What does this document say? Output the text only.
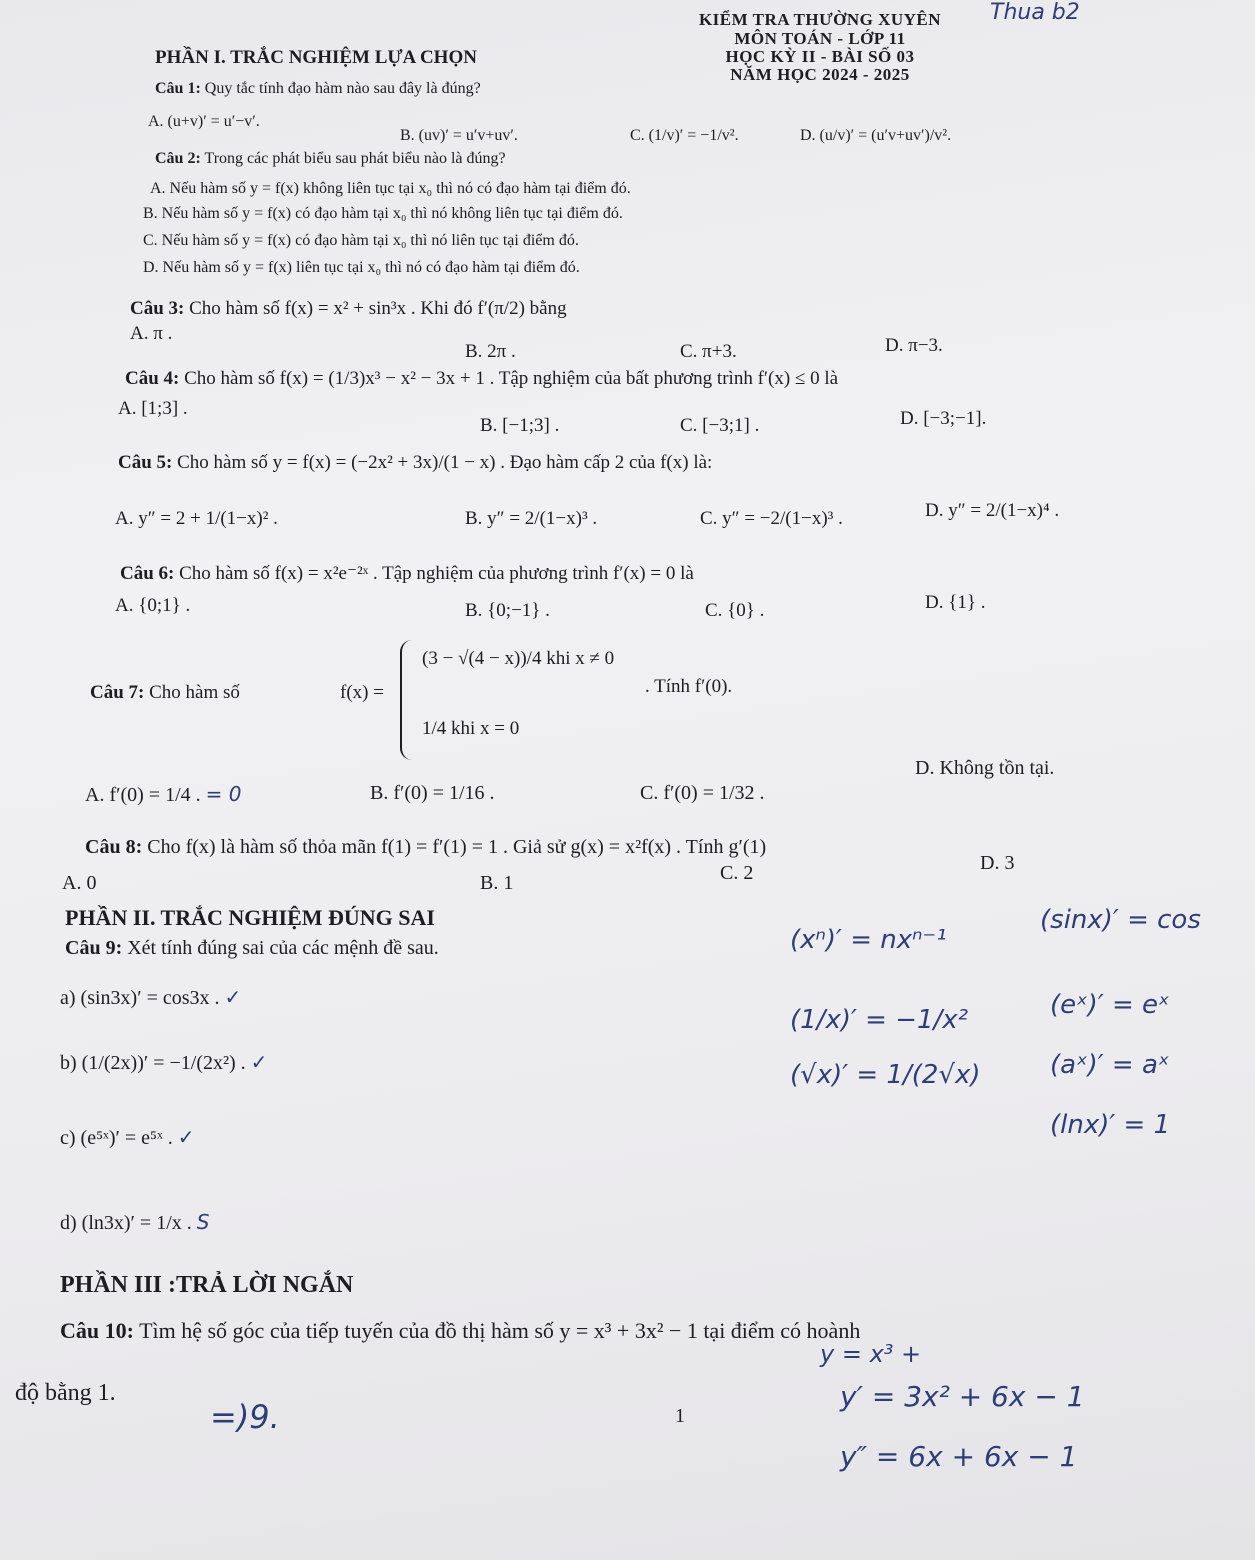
Thua b2
KIỂM TRA THƯỜNG XUYÊN
MÔN TOÁN - LỚP 11
HỌC KỲ II - BÀI SỐ 03
NĂM HỌC 2024 - 2025
PHẦN I. TRẮC NGHIỆM LỰA CHỌN
Câu 1: Quy tắc tính đạo hàm nào sau đây là đúng?
A. (u+v)′ = u′−v′.
B. (uv)′ = u′v+uv′.	C. (1/v)′ = −1/v².	D. (u/v)′ = (u′v+uv′)/v².
Câu 2: Trong các phát biểu sau phát biểu nào là đúng?
A. Nếu hàm số y = f(x) không liên tục tại x₀ thì nó có đạo hàm tại điểm đó.
B. Nếu hàm số y = f(x) có đạo hàm tại x₀ thì nó không liên tục tại điểm đó.
C. Nếu hàm số y = f(x) có đạo hàm tại x₀ thì nó liên tục tại điểm đó.
D. Nếu hàm số y = f(x) liên tục tại x₀ thì nó có đạo hàm tại điểm đó.
Câu 3: Cho hàm số f(x) = x² + sin³x . Khi đó f′(π/2) bằng
A. π .
B. 2π .	C. π+3.	D. π−3.
Câu 4: Cho hàm số f(x) = (1/3)x³ − x² − 3x + 1 . Tập nghiệm của bất phương trình f′(x) ≤ 0 là
A. [1;3] .
B. [−1;3] .	C. [−3;1] .	D. [−3;−1].
Câu 5: Cho hàm số y = f(x) = (−2x² + 3x)/(1 − x) . Đạo hàm cấp 2 của f(x) là:
A. y″ = 2 + 1/(1−x)² .	B. y″ = 2/(1−x)³ .	C. y″ = −2/(1−x)³ .	D. y″ = 2/(1−x)⁴ .
Câu 6: Cho hàm số f(x) = x²e⁻²ˣ . Tập nghiệm của phương trình f′(x) = 0 là
A. {0;1} .	B. {0;−1} .	C. {0} .	D. {1} .
Câu 7: Cho hàm số	f(x) =
(3 − √(4 − x))/4 khi x ≠ 0
1/4 khi x = 0
. Tính f′(0).
A. f′(0) = 1/4 . = 0	B. f′(0) = 1/16 .	C. f′(0) = 1/32 .
D. Không tồn tại.
Câu 8: Cho f(x) là hàm số thỏa mãn f(1) = f′(1) = 1 . Giả sử g(x) = x²f(x) . Tính g′(1)
A. 0	B. 1	C. 2	D. 3
PHẦN II. TRẮC NGHIỆM ĐÚNG SAI
Câu 9: Xét tính đúng sai của các mệnh đề sau.
a) (sin3x)′ = cos3x . ✓
b) (1/(2x))′ = −1/(2x²) . ✓
c) (e⁵ˣ)′ = e⁵ˣ . ✓
d) (ln3x)′ = 1/x . S
PHẦN III :TRẢ LỜI NGẮN
Câu 10: Tìm hệ số góc của tiếp tuyến của đồ thị hàm số y = x³ + 3x² − 1 tại điểm có hoành
độ bằng 1.
=)9.	1
(xⁿ)′ = nxⁿ⁻¹
(sinx)′ = cos
(1/x)′ = −1/x²	(eˣ)′ = eˣ
(√x)′ = 1/(2√x)	(aˣ)′ = aˣ
(lnx)′ = 1
y = x³ +
y′ = 3x² + 6x − 1
y″ = 6x + 6x − 1
